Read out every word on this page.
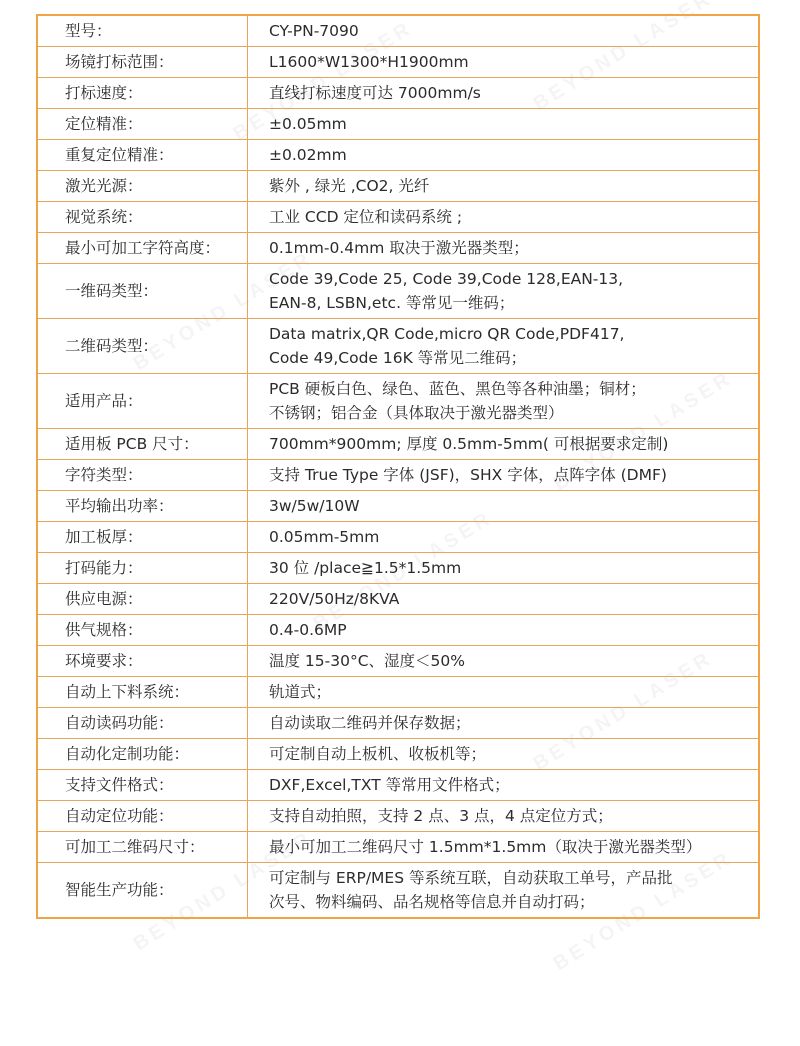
型号：	CY-PN-7090

场镜打标范围：	L1600*W1300*H1900mm

打标速度：	直线打标速度可达 7000mm/s

定位精准：	±0.05mm

重复定位精准：	±0.02mm

激光光源：	紫外 , 绿光 ,CO2, 光纤

视觉系统：	工业 CCD 定位和读码系统 ;

最小可加工字符高度：	0.1mm-0.4mm 取决于激光器类型；

一维码类型：	Code 39,Code 25, Code 39,Code 128,EAN-13,
EAN-8, LSBN,etc. 等常见一维码；

二维码类型：	Data matrix,QR Code,micro QR Code,PDF417,
Code 49,Code 16K 等常见二维码；

适用产品：	PCB 硬板白色、绿色、蓝色、黑色等各种油墨；铜材；
不锈钢；铝合金（具体取决于激光器类型）

适用板 PCB 尺寸：	700mm*900mm; 厚度 0.5mm-5mm( 可根据要求定制)

字符类型：	支持 True Type 字体 (JSF)，SHX 字体，点阵字体 (DMF)

平均输出功率：	3w/5w/10W

加工板厚：	0.05mm-5mm

打码能力：	30 位 /place≧1.5*1.5mm

供应电源：	220V/50Hz/8KVA

供气规格：	0.4-0.6MP

环境要求：	温度 15-30°C、湿度＜50%

自动上下料系统：	轨道式；

自动读码功能：	自动读取二维码并保存数据；

自动化定制功能：	可定制自动上板机、收板机等；

支持文件格式：	DXF,Excel,TXT 等常用文件格式；

自动定位功能：	支持自动拍照，支持 2 点、3 点，4 点定位方式；

可加工二维码尺寸：	最小可加工二维码尺寸 1.5mm*1.5mm（取决于激光器类型）

智能生产功能：	可定制与 ERP/MES 等系统互联，自动获取工单号，产品批
次号、物料编码、品名规格等信息并自动打码；
